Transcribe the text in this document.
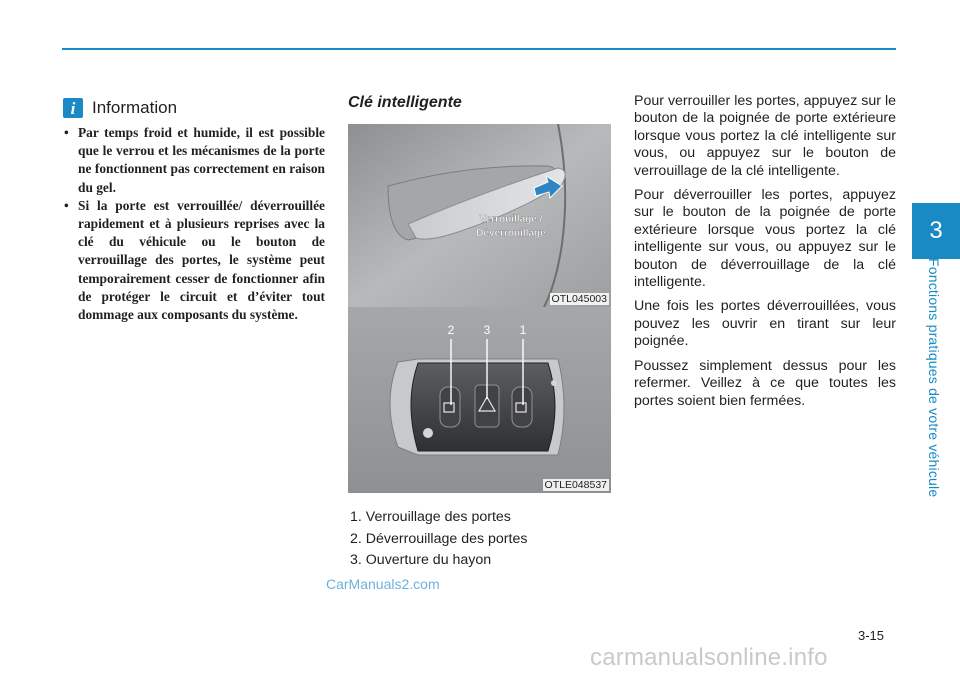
3
Fonctions pratiques de votre véhicule
i Information
• Par temps froid et humide, il est possible que le verrou et les mécanismes de la porte ne fonctionnent pas correctement en raison du gel.
• Si la porte est verrouillée/ déverrouillée rapidement et à plusieurs reprises avec la clé du véhicule ou le bouton de verrouillage des portes, le système peut temporairement cesser de fonctionner afin de protéger le circuit et d’éviter tout dommage aux composants du système.
Clé intelligente
Verrouillage /
Déverrouillage
OTL045003
2 3 1
OTLE048537
1. Verrouillage des portes
2. Déverrouillage des portes
3. Ouverture du hayon

Pour verrouiller les portes, appuyez sur le bouton de la poignée de porte extérieure lorsque vous portez la clé intelligente sur vous, ou appuyez sur le bouton de verrouillage de la clé intelligente.

Pour déverrouiller les portes, appuyez sur le bouton de la poignée de porte extérieure lorsque vous portez la clé intelligente sur vous, ou appuyez sur le bouton de déverrouillage de la clé intelligente.

Une fois les portes déverrouillées, vous pouvez les ouvrir en tirant sur leur poignée.

Poussez simplement dessus pour les refermer. Veillez à ce que toutes les portes soient bien fermées.

CarManuals2.com
3-15
carmanualsonline.info
